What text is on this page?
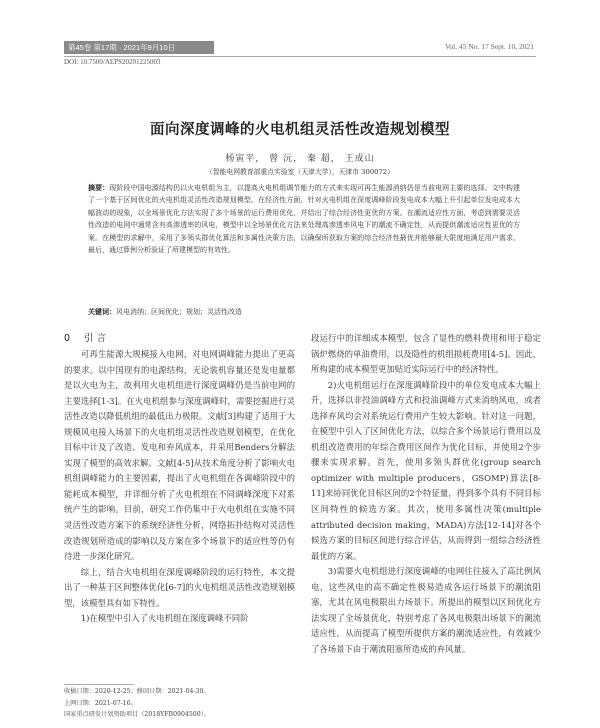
第45卷 第17期 · 2021年9月10日	Vol. 45 No. 17 Sept. 10, 2021
DOI: 10.7500/AEPS20201225003
面向深度调峰的火电机组灵活性改造规划模型
杨寅平， 曾 沅， 秦 超， 王成山
（智能电网教育部重点实验室（天津大学），天津市 300072）
摘要：现阶段中国电源结构仍以火电机组为主，以提高火电机组调节能力的方式来实现可再生能源消纳仍是当前电网主要的选择。文中构建了一个基于区间优化的火电机组灵活性改造规划模型。在经济性方面，针对火电机组在深度调峰阶段发电成本大幅上升引起单位发电成本大幅波动的现象，以全场景优化方法实现了多个场景的运行费用优化，并给出了综合经济性更优的方案。在潮流适应性方面，考虑到需要灵活性改造的电网中通常含有高渗透率的风电，模型中以全场景优化方法来处理高渗透率风电下的潮流不确定性，从而提供潮流适应性更优的方案。在模型的求解中，采用了多领头群优化算法和多属性决策方法，以确保所获取方案的综合经济性最优并能够最大限度地满足用户需求。最后，通过算例分析验证了所建模型的有效性。
关键词：风电消纳；区间优化；规划；灵活性改造
0 引 言

可再生能源大规模接入电网，对电网调峰能力提出了更高的要求。以中国现有的电源结构，无论装机容量还是发电量都是以火电为主，故利用火电机组进行深度调峰仍是当前电网的主要选择[1-3]。在火电机组参与深度调峰时，需要挖掘进行灵活性改造以降低机组的最低出力极限。文献[3]构建了适用于大规模风电接入场景下的火电机组灵活性改造规划模型，在优化目标中计及了改造、发电和弃风成本，并采用Benders分解法实现了模型的高效求解。文献[4-5]从技术角度分析了影响火电机组调峰能力的主要因素，提出了火电机组在各调峰阶段中的能耗成本模型，并详细分析了火电机组在不同调峰深度下对系统产生的影响。目前，研究工作仍集中于火电机组在实施不同灵活性改造方案下的系统经济性分析，网络拓扑结构对灵活性改造规划所造成的影响以及方案在多个场景下的适应性等仍有待进一步深化研究。

综上，结合火电机组在深度调峰阶段的运行特性，本文提出了一种基于区间整体优化[6-7]的火电机组灵活性改造规划模型，该模型具有如下特性。

1)在模型中引入了火电机组在深度调峰不同阶

段运行中的详细成本模型，包含了显性的燃料费用和用于稳定锅炉燃烧的单油费用，以及隐性的机组损耗费用[4-5]。因此，所构建的成本模型更加贴近实际运行中的经济特性。

2)火电机组运行在深度调峰阶段中的单位发电成本大幅上升，选择以非投油调峰方式和投油调峰方式来消纳风电，或者选择弃风均会对系统运行费用产生较大影响。针对这一问题，在模型中引入了区间优化方法，以综合多个场景运行费用以及机组改造费用的年综合费用区间作为优化目标，并使用2个步骤来实现求解。首先，使用多领头群优化(group search optimizer with multiple producers，GSOMP)算法[8-11]来协同优化目标区间的2个特征量，得到多个具有不同目标区间特性的候选方案。其次，使用多属性决策(multiple attributed decision making，MADA)方法[12-14]对各个候选方案的目标区间进行综合评估，从而得到一组综合经济性最优的方案。

3)需要火电机组进行深度调峰的电网往往接入了高比例风电，这些风电的高不确定性极易造成各运行场景下的潮流阻塞，尤其在风电极限出力场景下。所提出的模型以区间优化方法实现了全场景优化，特别考虑了各风电极限出场景下的潮流适应性，从而提高了模型所提供方案的潮流适应性，有效减少了各场景下由于潮流阻塞所造成的弃风量。

收稿日期：2020-12-25；修回日期：2021-04-30。
上网日期：2021-07-16。
国家重点研发计划资助项目（2018YFB0904500）。
